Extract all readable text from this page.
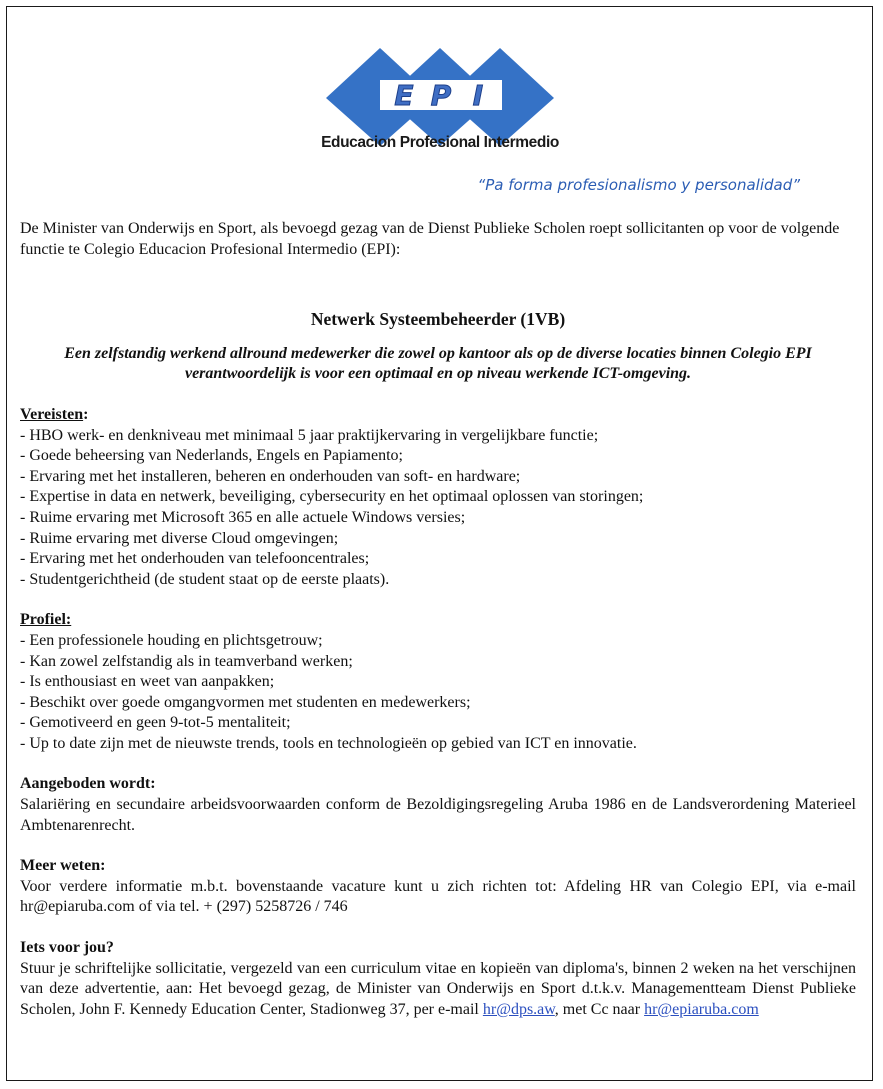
E P I
Educacion Profesional Intermedio
“Pa forma profesionalismo y personalidad”

De Minister van Onderwijs en Sport, als bevoegd gezag van de Dienst Publieke Scholen roept sollicitanten op voor de volgende functie te Colegio Educacion Profesional Intermedio (EPI):

Netwerk Systeembeheerder (1VB)

Een zelfstandig werkend allround medewerker die zowel op kantoor als op de diverse locaties binnen Colegio EPI verantwoordelijk is voor een optimaal en op niveau werkende ICT-omgeving.

Vereisten:

- HBO werk- en denkniveau met minimaal 5 jaar praktijkervaring in vergelijkbare functie;
- Goede beheersing van Nederlands, Engels en Papiamento;
- Ervaring met het installeren, beheren en onderhouden van soft- en hardware;
- Expertise in data en netwerk, beveiliging, cybersecurity en het optimaal oplossen van storingen;
- Ruime ervaring met Microsoft 365 en alle actuele Windows versies;
- Ruime ervaring met diverse Cloud omgevingen;
- Ervaring met het onderhouden van telefooncentrales;
- Studentgerichtheid (de student staat op de eerste plaats).

Profiel:

- Een professionele houding en plichtsgetrouw;
- Kan zowel zelfstandig als in teamverband werken;
- Is enthousiast en weet van aanpakken;
- Beschikt over goede omgangvormen met studenten en medewerkers;
- Gemotiveerd en geen 9-tot-5 mentaliteit;
- Up to date zijn met de nieuwste trends, tools en technologieën op gebied van ICT en innovatie.

Aangeboden wordt:

Salariëring en secundaire arbeidsvoorwaarden conform de Bezoldigingsregeling Aruba 1986 en de Landsverordening Materieel Ambtenarenrecht.

Meer weten:

Voor verdere informatie m.b.t. bovenstaande vacature kunt u zich richten tot: Afdeling HR van Colegio EPI, via e-mail hr@epiaruba.com of via tel. + (297) 5258726 / 746

Iets voor jou?

Stuur je schriftelijke sollicitatie, vergezeld van een curriculum vitae en kopieën van diploma's, binnen 2 weken na het verschijnen van deze advertentie, aan: Het bevoegd gezag, de Minister van Onderwijs en Sport d.t.k.v. Managementteam Dienst Publieke Scholen, John F. Kennedy Education Center, Stadionweg 37, per e-mail hr@dps.aw, met Cc naar hr@epiaruba.com
